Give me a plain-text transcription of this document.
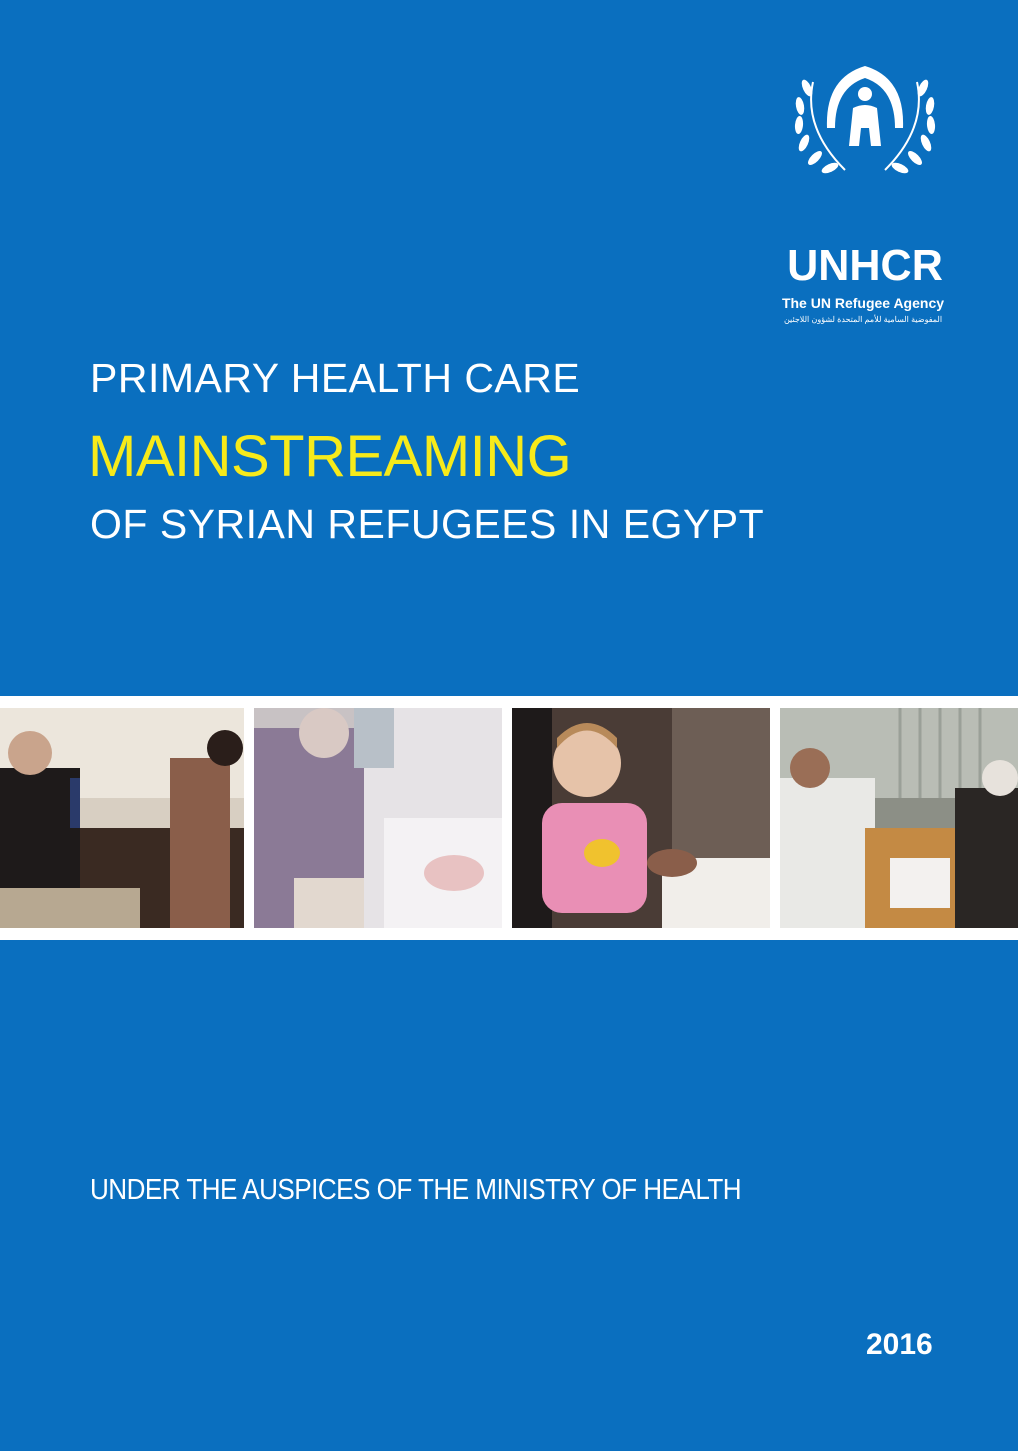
UNHCR
The UN Refugee Agency
المفوضية السامية للأمم المتحدة لشؤون اللاجئين
PRIMARY HEALTH CARE
MAINSTREAMING
OF SYRIAN REFUGEES IN EGYPT
UNDER THE AUSPICES OF THE MINISTRY OF HEALTH
2016
